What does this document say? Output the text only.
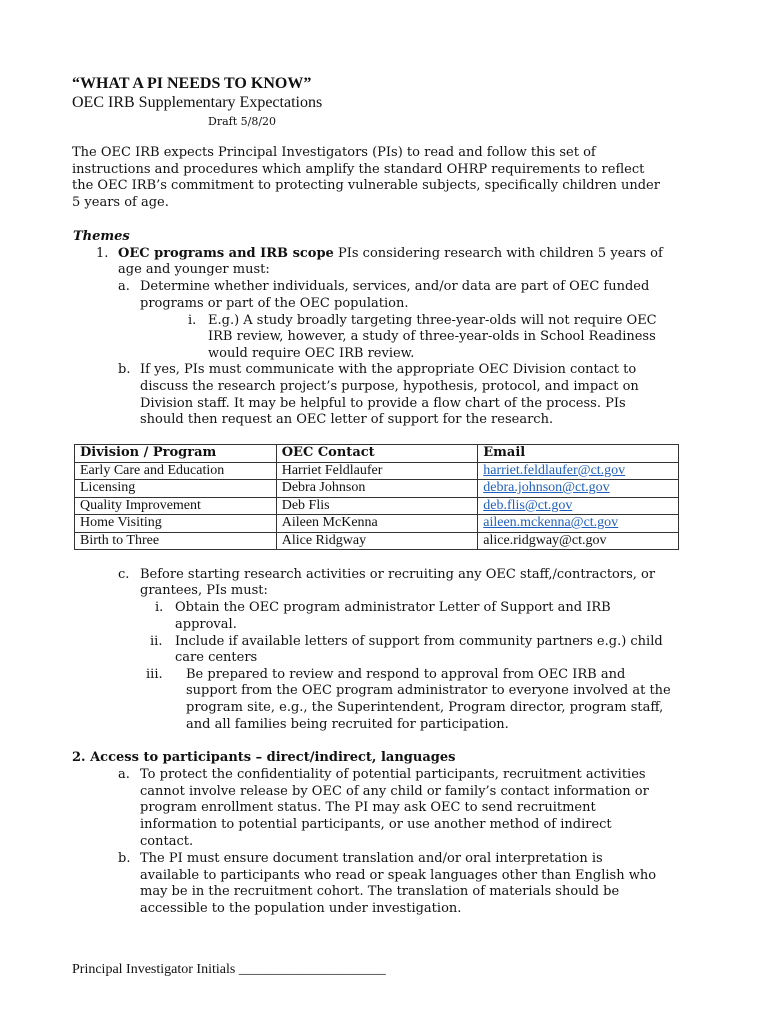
“WHAT A PI NEEDS TO KNOW”
OEC IRB Supplementary Expectations
Draft 5/8/20
The OEC IRB expects Principal Investigators (PIs) to read and follow this set of
instructions and procedures which amplify the standard OHRP requirements to reflect
the OEC IRB’s commitment to protecting vulnerable subjects, specifically children under
5 years of age.
Themes
1. OEC programs and IRB scope PIs considering research with children 5 years of
age and younger must:
a. Determine whether individuals, services, and/or data are part of OEC funded
programs or part of the OEC population.
i. E.g.) A study broadly targeting three-year-olds will not require OEC
IRB review, however, a study of three-year-olds in School Readiness
would require OEC IRB review.
b. If yes, PIs must communicate with the appropriate OEC Division contact to
discuss the research project’s purpose, hypothesis, protocol, and impact on
Division staff. It may be helpful to provide a flow chart of the process. PIs
should then request an OEC letter of support for the research.
Division / Program	OEC Contact	Email
Early Care and Education	Harriet Feldlaufer	harriet.feldlaufer@ct.gov
Licensing	Debra Johnson	debra.johnson@ct.gov
Quality Improvement	Deb Flis	deb.flis@ct.gov
Home Visiting	Aileen McKenna	aileen.mckenna@ct.gov
Birth to Three	Alice Ridgway	alice.ridgway@ct.gov
c. Before starting research activities or recruiting any OEC staff,/contractors, or
grantees, PIs must:
i. Obtain the OEC program administrator Letter of Support and IRB
approval.
ii. Include if available letters of support from community partners e.g.) child
care centers
iii. Be prepared to review and respond to approval from OEC IRB and
support from the OEC program administrator to everyone involved at the
program site, e.g., the Superintendent, Program director, program staff,
and all families being recruited for participation.
2. Access to participants – direct/indirect, languages
a. To protect the confidentiality of potential participants, recruitment activities
cannot involve release by OEC of any child or family’s contact information or
program enrollment status. The PI may ask OEC to send recruitment
information to potential participants, or use another method of indirect
contact.
b. The PI must ensure document translation and/or oral interpretation is
available to participants who read or speak languages other than English who
may be in the recruitment cohort. The translation of materials should be
accessible to the population under investigation.
Principal Investigator Initials _____________________
